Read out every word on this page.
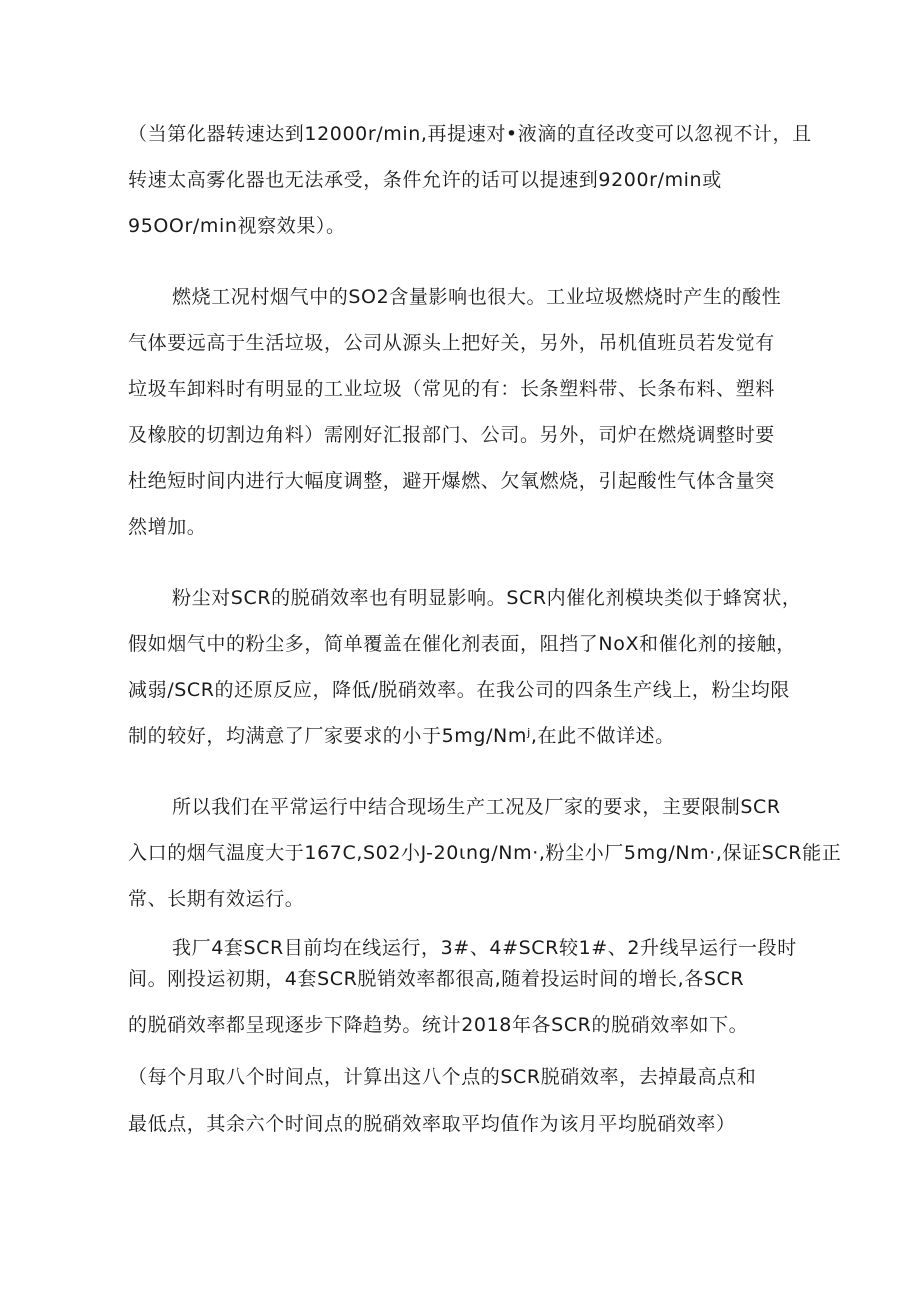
（当第化器转速达到12000r/min,再提速对•液滴的直径改变可以忽视不计，且
转速太高雾化器也无法承受，条件允许的话可以提速到9200r/min或
95OOr/min视察效果）。
燃烧工况村烟气中的SO2含量影响也很大。工业垃圾燃烧时产生的酸性
气体要远高于生活垃圾，公司从源头上把好关，另外，吊机值班员若发觉有
垃圾车卸料时有明显的工业垃圾（常见的有：长条塑料带、长条布料、塑料
及橡胶的切割边角料）需刚好汇报部门、公司。另外，司炉在燃烧调整时要
杜绝短时间内进行大幅度调整，避开爆燃、欠氧燃烧，引起酸性气体含量突
然增加。
粉尘对SCR的脱硝效率也有明显影响。SCR内催化剂模块类似于蜂窝状，
假如烟气中的粉尘多，简单覆盖在催化剂表面，阻挡了NoX和催化剂的接触，
减弱/SCR的还原反应，降低/脱硝效率。在我公司的四条生产线上，粉尘均限
制的较好，均满意了厂家要求的小于5mg/Nmʲ,在此不做详述。
所以我们在平常运行中结合现场生产工况及厂家的要求，主要限制SCR
入口的烟气温度大于167C,S02小J-20ιng/Nm·,粉尘小厂5mg/Nm·,保证SCR能正
常、长期有效运行。
我厂4套SCR目前均在线运行，3#、4#SCR较1#、2升线早运行一段时
间。刚投运初期，4套SCR脱销效率都很高,随着投运时间的增长,各SCR
的脱硝效率都呈现逐步下降趋势。统计2018年各SCR的脱硝效率如下。
（每个月取八个时间点，计算出这八个点的SCR脱硝效率，去掉最高点和
最低点，其余六个时间点的脱硝效率取平均值作为该月平均脱硝效率）
